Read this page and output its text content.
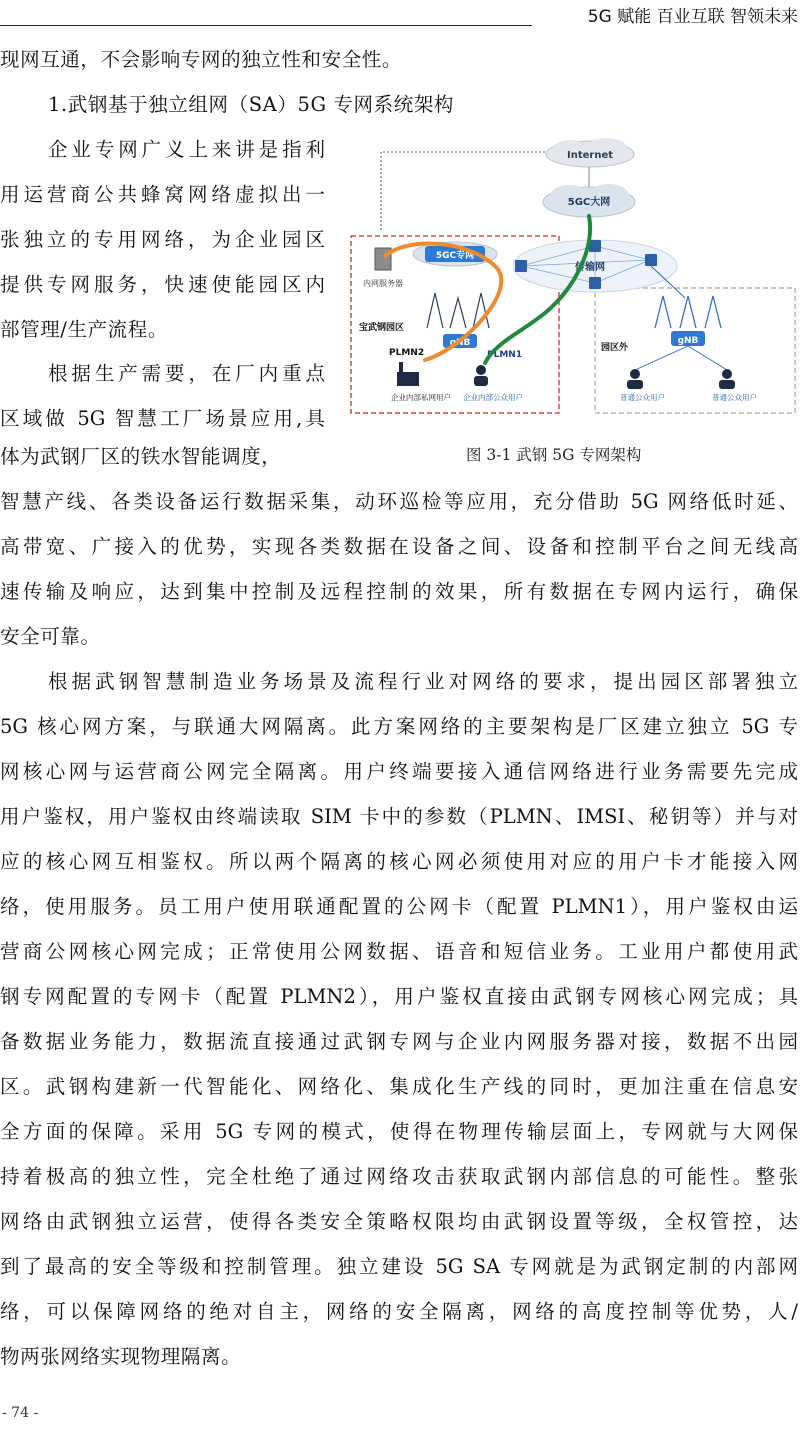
5G 赋能 百业互联 智领未来
现网互通，不会影响专网的独立性和安全性。
1.武钢基于独立组网（SA）5G 专网系统架构
企业专网广义上来讲是指利
用运营商公共蜂窝网络虚拟出一
张独立的专用网络，为企业园区
提供专网服务，快速使能园区内
部管理/生产流程。
根据生产需要，在厂内重点
区域做 5G 智慧工厂场景应用,具
体为武钢厂区的铁水智能调度，
Internet
5GC大网
传输网
5GC专网
内网服务器
宝武钢园区
gNB
PLMN2	PLMN1
企业内部私网用户 企业内部公众用户
园区外
gNB
普通公众用户	普通公众用户
图 3-1 武钢 5G 专网架构
智慧产线、各类设备运行数据采集，动环巡检等应用，充分借助 5G 网络低时延、
高带宽、广接入的优势，实现各类数据在设备之间、设备和控制平台之间无线高
速传输及响应，达到集中控制及远程控制的效果，所有数据在专网内运行，确保
安全可靠。
根据武钢智慧制造业务场景及流程行业对网络的要求，提出园区部署独立
5G 核心网方案，与联通大网隔离。此方案网络的主要架构是厂区建立独立 5G 专
网核心网与运营商公网完全隔离。用户终端要接入通信网络进行业务需要先完成
用户鉴权，用户鉴权由终端读取 SIM 卡中的参数（PLMN、IMSI、秘钥等）并与对
应的核心网互相鉴权。所以两个隔离的核心网必须使用对应的用户卡才能接入网
络，使用服务。员工用户使用联通配置的公网卡（配置 PLMN1），用户鉴权由运
营商公网核心网完成；正常使用公网数据、语音和短信业务。工业用户都使用武
钢专网配置的专网卡（配置 PLMN2），用户鉴权直接由武钢专网核心网完成；具
备数据业务能力，数据流直接通过武钢专网与企业内网服务器对接，数据不出园
区。武钢构建新一代智能化、网络化、集成化生产线的同时，更加注重在信息安
全方面的保障。采用 5G 专网的模式，使得在物理传输层面上，专网就与大网保
持着极高的独立性，完全杜绝了通过网络攻击获取武钢内部信息的可能性。整张
网络由武钢独立运营，使得各类安全策略权限均由武钢设置等级，全权管控，达
到了最高的安全等级和控制管理。独立建设 5G SA 专网就是为武钢定制的内部网
络，可以保障网络的绝对自主，网络的安全隔离，网络的高度控制等优势，人/
物两张网络实现物理隔离。
- 74 -
